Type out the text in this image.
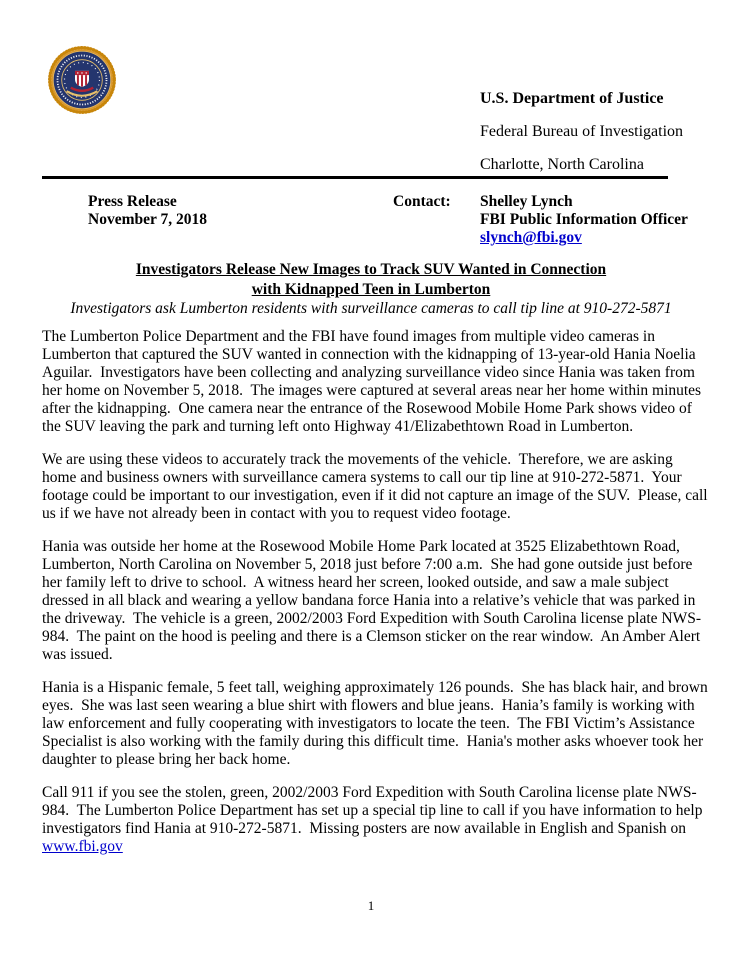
U.S. Department of Justice
Federal Bureau of Investigation
Charlotte, North Carolina
Press Release
November 7, 2018
Contact: Shelley Lynch
FBI Public Information Officer
slynch@fbi.gov
Investigators Release New Images to Track SUV Wanted in Connection
with Kidnapped Teen in Lumberton
Investigators ask Lumberton residents with surveillance cameras to call tip line at 910-272-5871

The Lumberton Police Department and the FBI have found images from multiple video cameras in Lumberton that captured the SUV wanted in connection with the kidnapping of 13-year-old Hania Noelia Aguilar.  Investigators have been collecting and analyzing surveillance video since Hania was taken from her home on November 5, 2018.  The images were captured at several areas near her home within minutes after the kidnapping.  One camera near the entrance of the Rosewood Mobile Home Park shows video of the SUV leaving the park and turning left onto Highway 41/Elizabethtown Road in Lumberton.

We are using these videos to accurately track the movements of the vehicle.  Therefore, we are asking home and business owners with surveillance camera systems to call our tip line at 910-272-5871.  Your footage could be important to our investigation, even if it did not capture an image of the SUV.  Please, call us if we have not already been in contact with you to request video footage.

Hania was outside her home at the Rosewood Mobile Home Park located at 3525 Elizabethtown Road, Lumberton, North Carolina on November 5, 2018 just before 7:00 a.m.  She had gone outside just before her family left to drive to school.  A witness heard her screen, looked outside, and saw a male subject dressed in all black and wearing a yellow bandana force Hania into a relative’s vehicle that was parked in the driveway.  The vehicle is a green, 2002/2003 Ford Expedition with South Carolina license plate NWS-984.  The paint on the hood is peeling and there is a Clemson sticker on the rear window.  An Amber Alert was issued.

Hania is a Hispanic female, 5 feet tall, weighing approximately 126 pounds.  She has black hair, and brown eyes.  She was last seen wearing a blue shirt with flowers and blue jeans.  Hania’s family is working with law enforcement and fully cooperating with investigators to locate the teen.  The FBI Victim’s Assistance Specialist is also working with the family during this difficult time.  Hania's mother asks whoever took her daughter to please bring her back home.

Call 911 if you see the stolen, green, 2002/2003 Ford Expedition with South Carolina license plate NWS-984.  The Lumberton Police Department has set up a special tip line to call if you have information to help investigators find Hania at 910-272-5871.  Missing posters are now available in English and Spanish on www.fbi.gov

1
